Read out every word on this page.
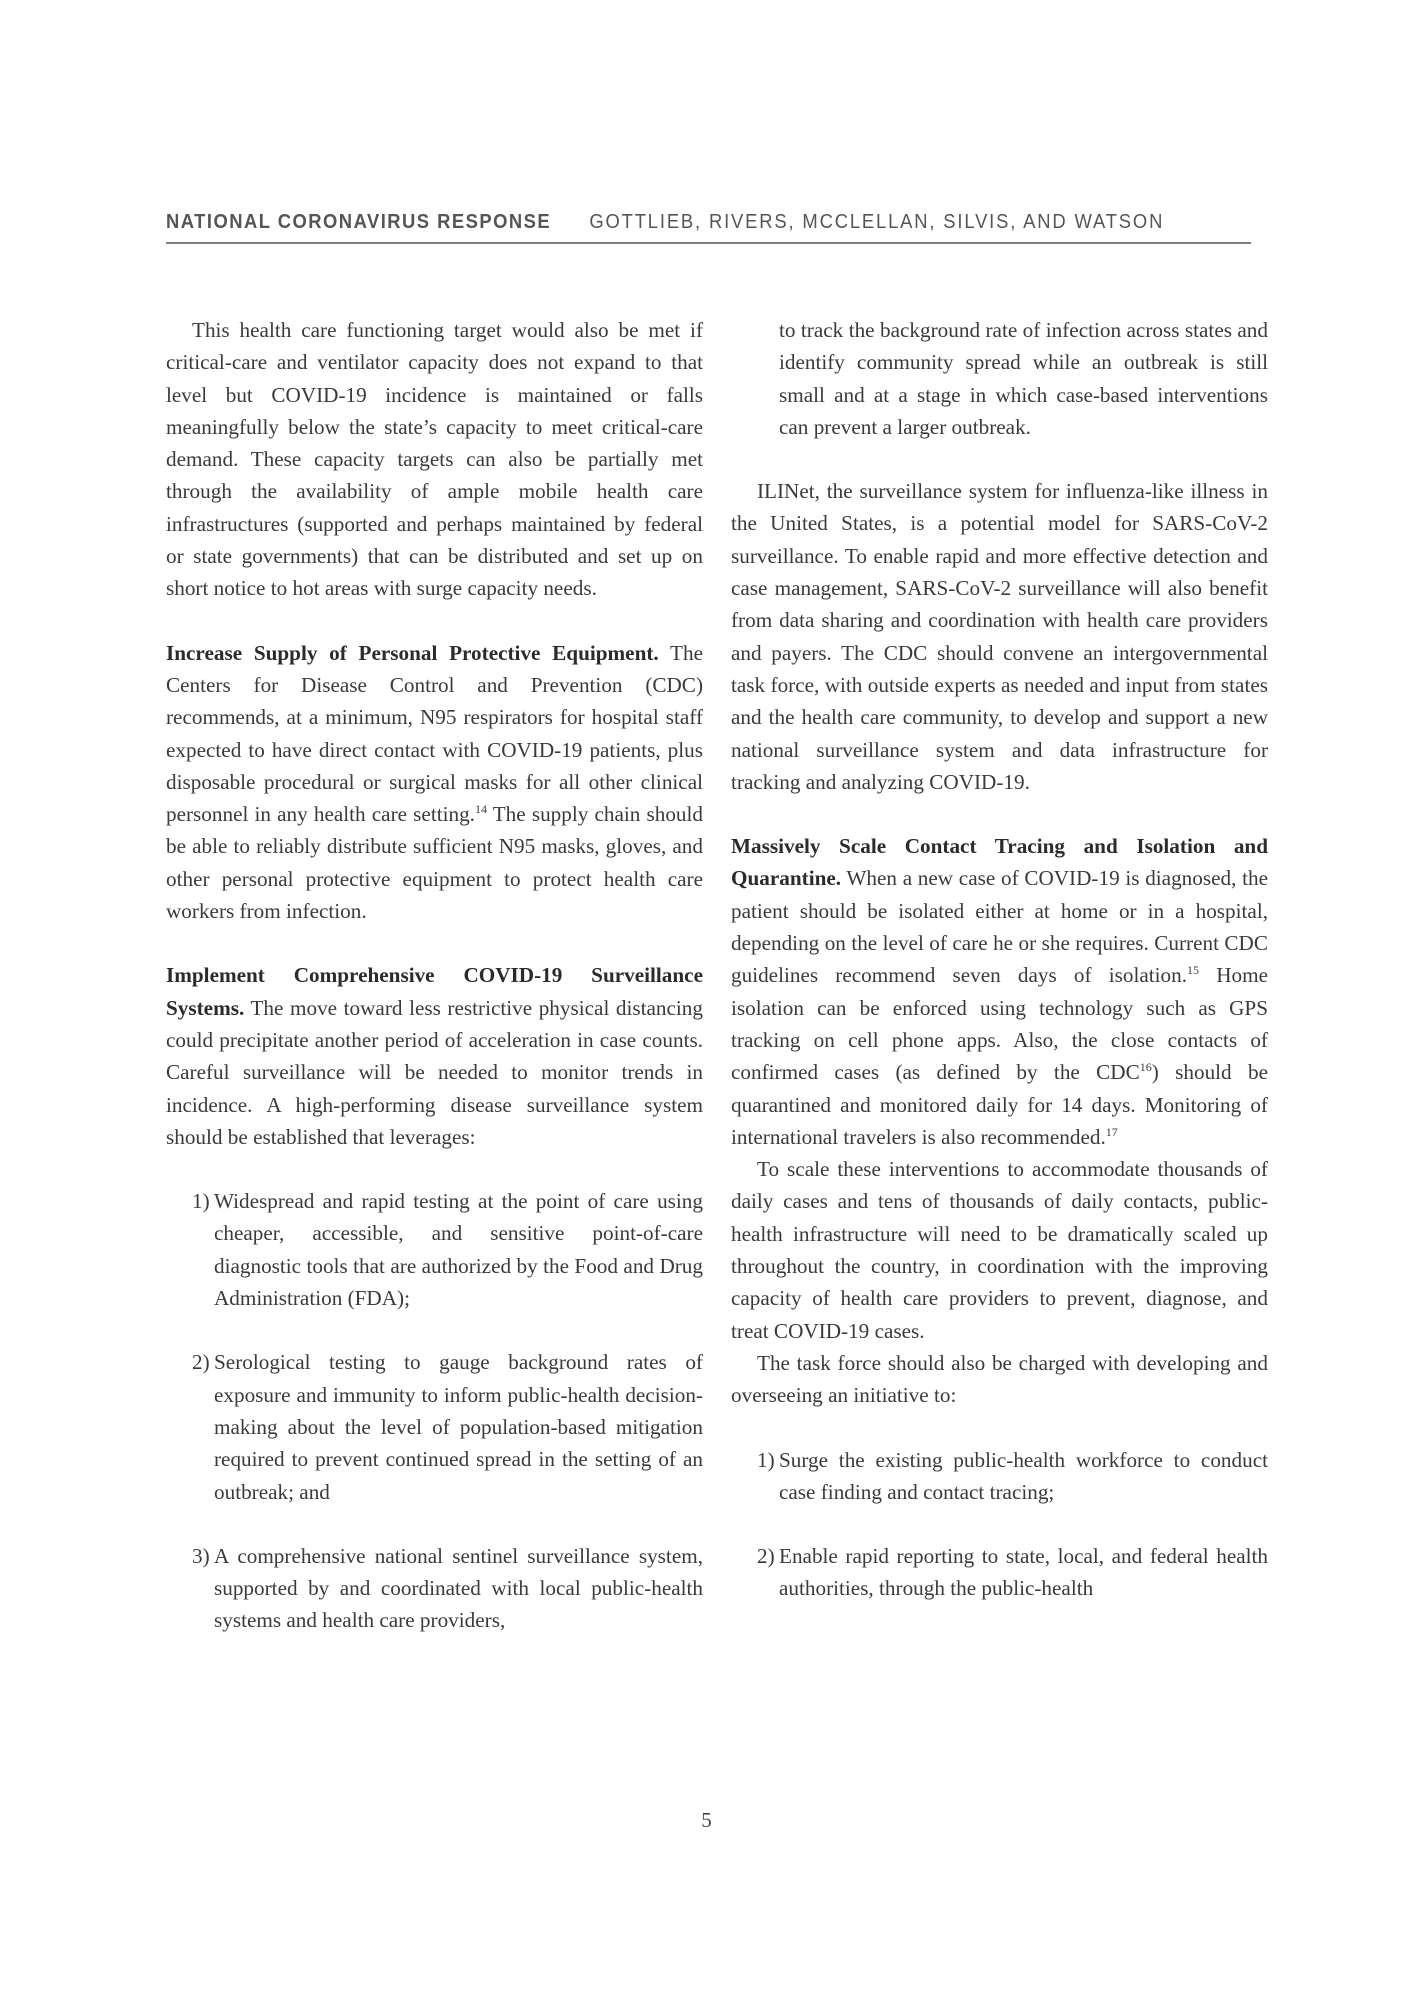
NATIONAL CORONAVIRUS RESPONSE GOTTLIEB, RIVERS, MCCLELLAN, SILVIS, AND WATSON

This health care functioning target would also be met if critical-care and ventilator capacity does not expand to that level but COVID-19 incidence is maintained or falls meaningfully below the state’s capacity to meet critical-care demand. These capacity targets can also be partially met through the availability of ample mobile health care infrastructures (supported and perhaps maintained by federal or state governments) that can be distributed and set up on short notice to hot areas with surge capacity needs.

Increase Supply of Personal Protective Equipment. The Centers for Disease Control and Prevention (CDC) recommends, at a minimum, N95 respirators for hospital staff expected to have direct contact with COVID-19 patients, plus disposable procedural or surgical masks for all other clinical personnel in any health care setting.$^{14}$ The supply chain should be able to reliably distribute sufficient N95 masks, gloves, and other personal protective equipment to protect health care workers from infection.

Implement Comprehensive COVID-19 Surveillance Systems. The move toward less restrictive physical distancing could precipitate another period of acceleration in case counts. Careful surveillance will be needed to monitor trends in incidence. A high-performing disease surveillance system should be established that leverages:

1) Widespread and rapid testing at the point of care using cheaper, accessible, and sensitive point-of-care diagnostic tools that are authorized by the Food and Drug Administration (FDA);
2) Serological testing to gauge background rates of exposure and immunity to inform public-health decision-making about the level of population-based mitigation required to prevent continued spread in the setting of an outbreak; and
3) A comprehensive national sentinel surveillance system, supported by and coordinated with local public-health systems and health care providers,

to track the background rate of infection across states and identify community spread while an outbreak is still small and at a stage in which case-based interventions can prevent a larger outbreak.

ILINet, the surveillance system for influenza-like illness in the United States, is a potential model for SARS-CoV-2 surveillance. To enable rapid and more effective detection and case management, SARS-CoV-2 surveillance will also benefit from data sharing and coordination with health care providers and payers. The CDC should convene an intergovernmental task force, with outside experts as needed and input from states and the health care community, to develop and support a new national surveillance system and data infrastructure for tracking and analyzing COVID-19.

Massively Scale Contact Tracing and Isolation and Quarantine. When a new case of COVID-19 is diagnosed, the patient should be isolated either at home or in a hospital, depending on the level of care he or she requires. Current CDC guidelines recommend seven days of isolation.$^{15}$ Home isolation can be enforced using technology such as GPS tracking on cell phone apps. Also, the close contacts of confirmed cases (as defined by the CDC$^{16}$) should be quarantined and monitored daily for 14 days. Monitoring of international travelers is also recommended.$^{17}$

To scale these interventions to accommodate thousands of daily cases and tens of thousands of daily contacts, public-health infrastructure will need to be dramatically scaled up throughout the country, in coordination with the improving capacity of health care providers to prevent, diagnose, and treat COVID-19 cases.

The task force should also be charged with developing and overseeing an initiative to:

1) Surge the existing public-health workforce to conduct case finding and contact tracing;
2) Enable rapid reporting to state, local, and federal health authorities, through the public-health
5
